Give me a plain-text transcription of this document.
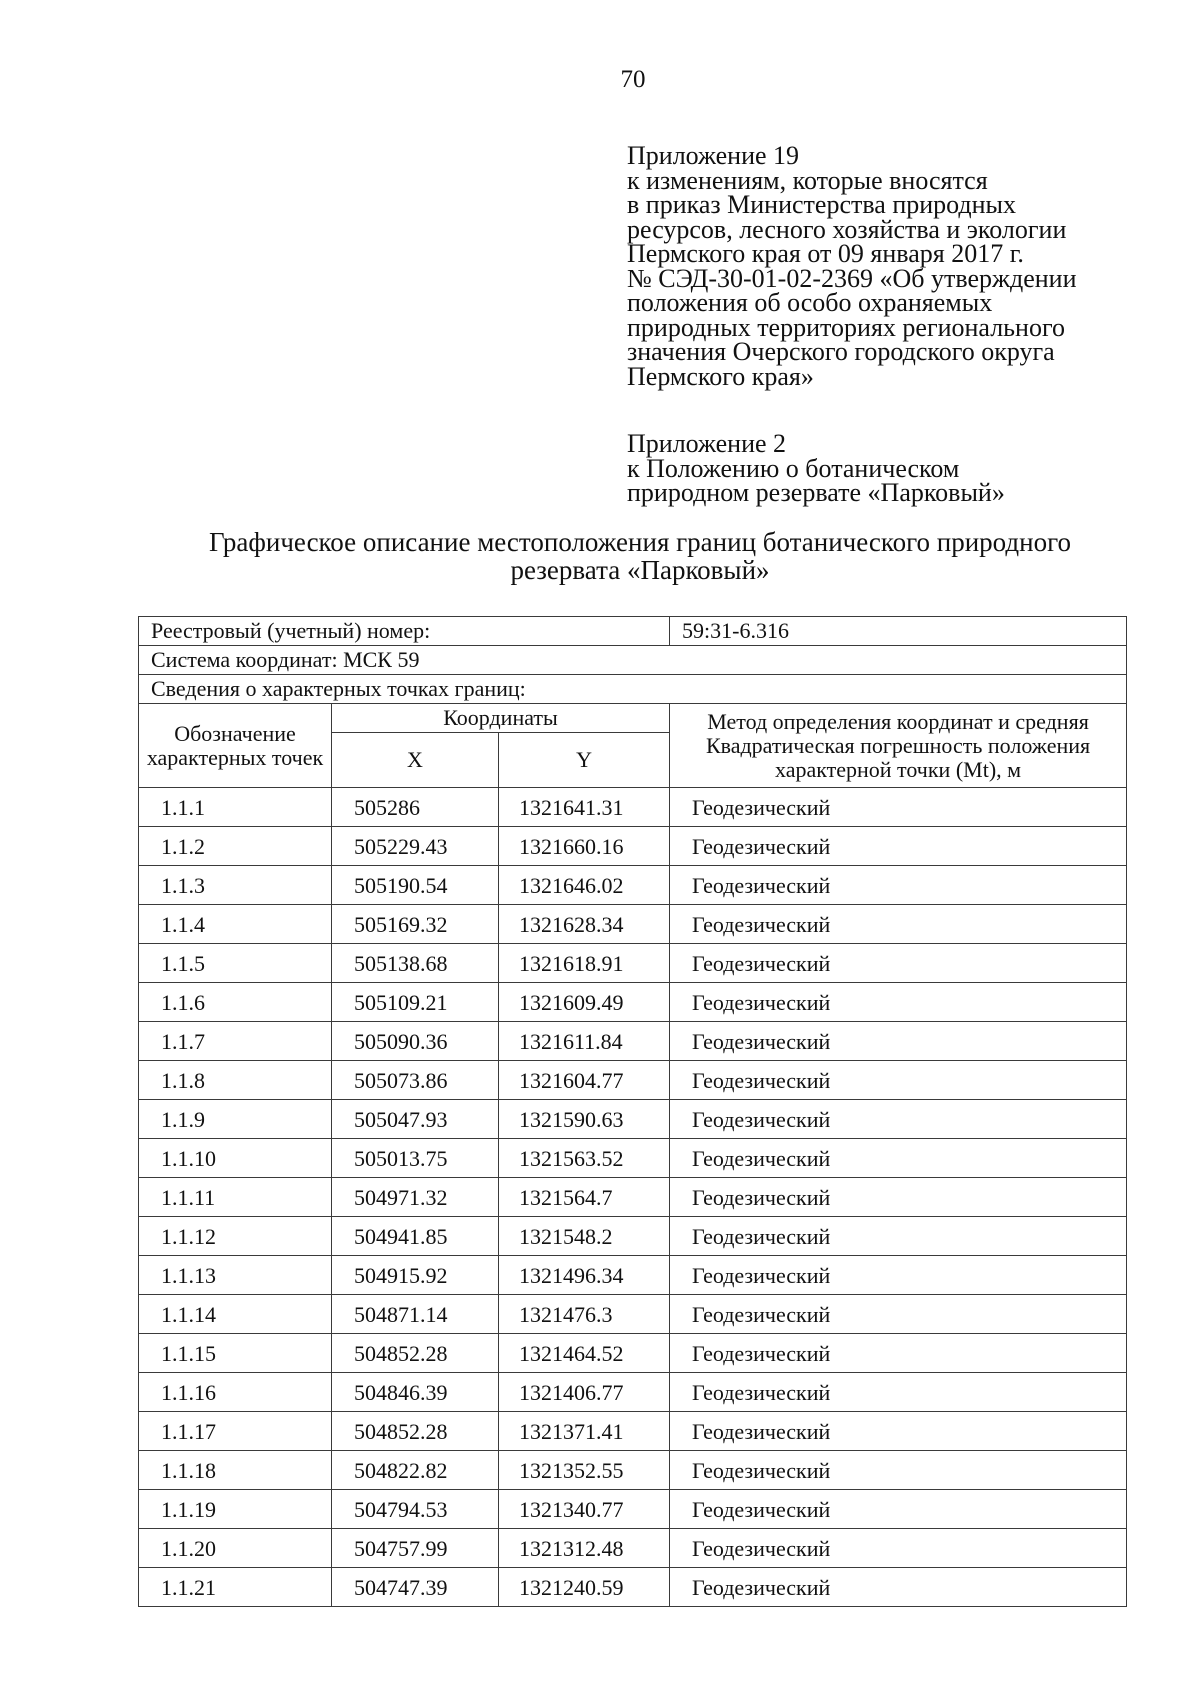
70
Приложение 19
к изменениям, которые вносятся
в приказ Министерства природных
ресурсов, лесного хозяйства и экологии
Пермского края от 09 января 2017 г.
№ СЭД-30-01-02-2369 «Об утверждении
положения об особо охраняемых
природных территориях регионального
значения Очерского городского округа
Пермского края»
Приложение 2
к Положению о ботаническом
природном резервате «Парковый»
Графическое описание местоположения границ ботанического природного
резервата «Парковый»
Реестровый (учетный) номер:			59:31-6.316
Система координат: МСК 59			
Сведения о характерных точках границ:			
Обозначение характерных точек	Координаты		Метод определения координат и средняя Квадратическая погрешность положения характерной точки (Mt), м
	X	Y	
1.1.1	505286	1321641.31	Геодезический
1.1.2	505229.43	1321660.16	Геодезический
1.1.3	505190.54	1321646.02	Геодезический
1.1.4	505169.32	1321628.34	Геодезический
1.1.5	505138.68	1321618.91	Геодезический
1.1.6	505109.21	1321609.49	Геодезический
1.1.7	505090.36	1321611.84	Геодезический
1.1.8	505073.86	1321604.77	Геодезический
1.1.9	505047.93	1321590.63	Геодезический
1.1.10	505013.75	1321563.52	Геодезический
1.1.11	504971.32	1321564.7	Геодезический
1.1.12	504941.85	1321548.2	Геодезический
1.1.13	504915.92	1321496.34	Геодезический
1.1.14	504871.14	1321476.3	Геодезический
1.1.15	504852.28	1321464.52	Геодезический
1.1.16	504846.39	1321406.77	Геодезический
1.1.17	504852.28	1321371.41	Геодезический
1.1.18	504822.82	1321352.55	Геодезический
1.1.19	504794.53	1321340.77	Геодезический
1.1.20	504757.99	1321312.48	Геодезический
1.1.21	504747.39	1321240.59	Геодезический
